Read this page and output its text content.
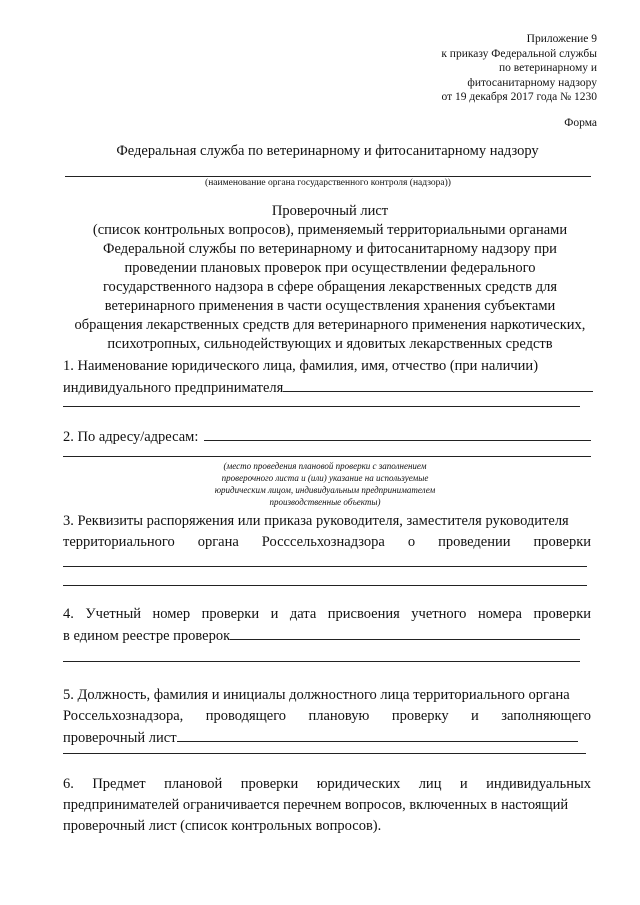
Приложение 9
к приказу Федеральной службы
по ветеринарному и
фитосанитарному надзору
от 19 декабря 2017 года № 1230
Форма
Федеральная служба по ветеринарному и фитосанитарному надзору
(наименование органа государственного контроля (надзора))
Проверочный лист
(список контрольных вопросов), применяемый территориальными органами
Федеральной службы по ветеринарному и фитосанитарному надзору при
проведении плановых проверок при осуществлении федерального
государственного надзора в сфере обращения лекарственных средств для
ветеринарного применения в части осуществления хранения субъектами
обращения лекарственных средств для ветеринарного применения наркотических,
психотропных, сильнодействующих и ядовитых лекарственных средств
1. Наименование юридического лица, фамилия, имя, отчество (при наличии)
индивидуального предпринимателя
2. По адресу/адресам:
(место проведения плановой проверки с заполнением
проверочного листа и (или) указание на используемые
юридическим лицом, индивидуальным предпринимателем
производственные объекты)
3. Реквизиты распоряжения или приказа руководителя, заместителя руководителя
территориального органа Росссельхознадзора о проведении проверки
4. Учетный номер проверки и дата присвоения учетного номера проверки
в едином реестре проверок
5. Должность, фамилия и инициалы должностного лица территориального органа
Россельхознадзора, проводящего плановую проверку и заполняющего
проверочный лист
6. Предмет плановой проверки юридических лиц и индивидуальных
предпринимателей ограничивается перечнем вопросов, включенных в настоящий
проверочный лист (список контрольных вопросов).
